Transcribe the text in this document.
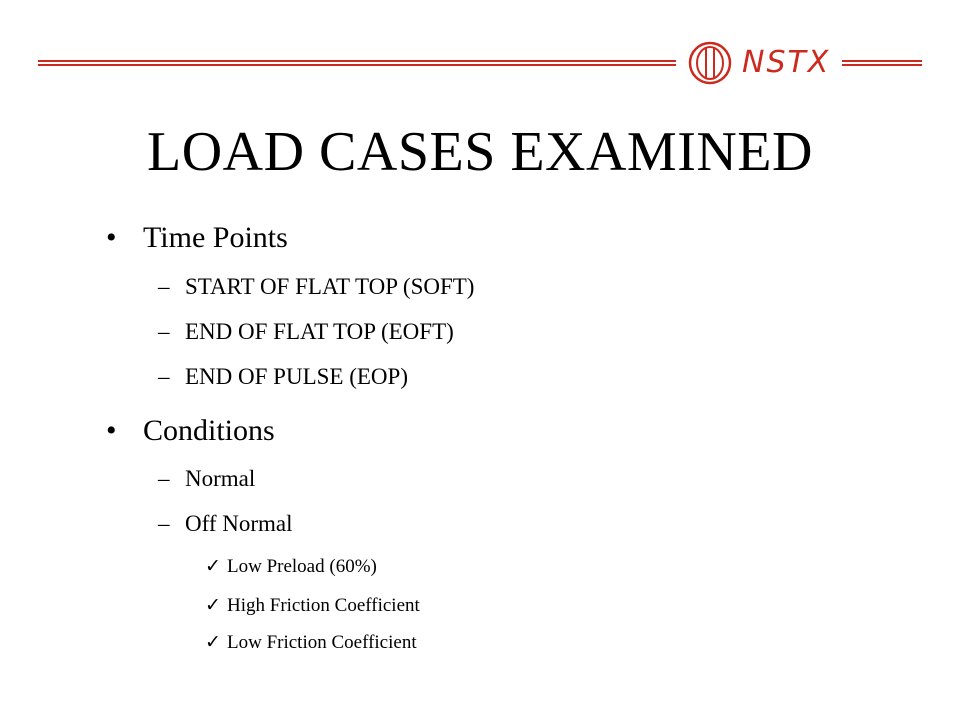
NSTX
LOAD CASES EXAMINED
• Time Points
– START OF FLAT TOP (SOFT)
– END OF FLAT TOP (EOFT)
– END OF PULSE (EOP)
• Conditions
– Normal
– Off Normal
✓ Low Preload (60%)
✓ High Friction Coefficient
✓ Low Friction Coefficient
